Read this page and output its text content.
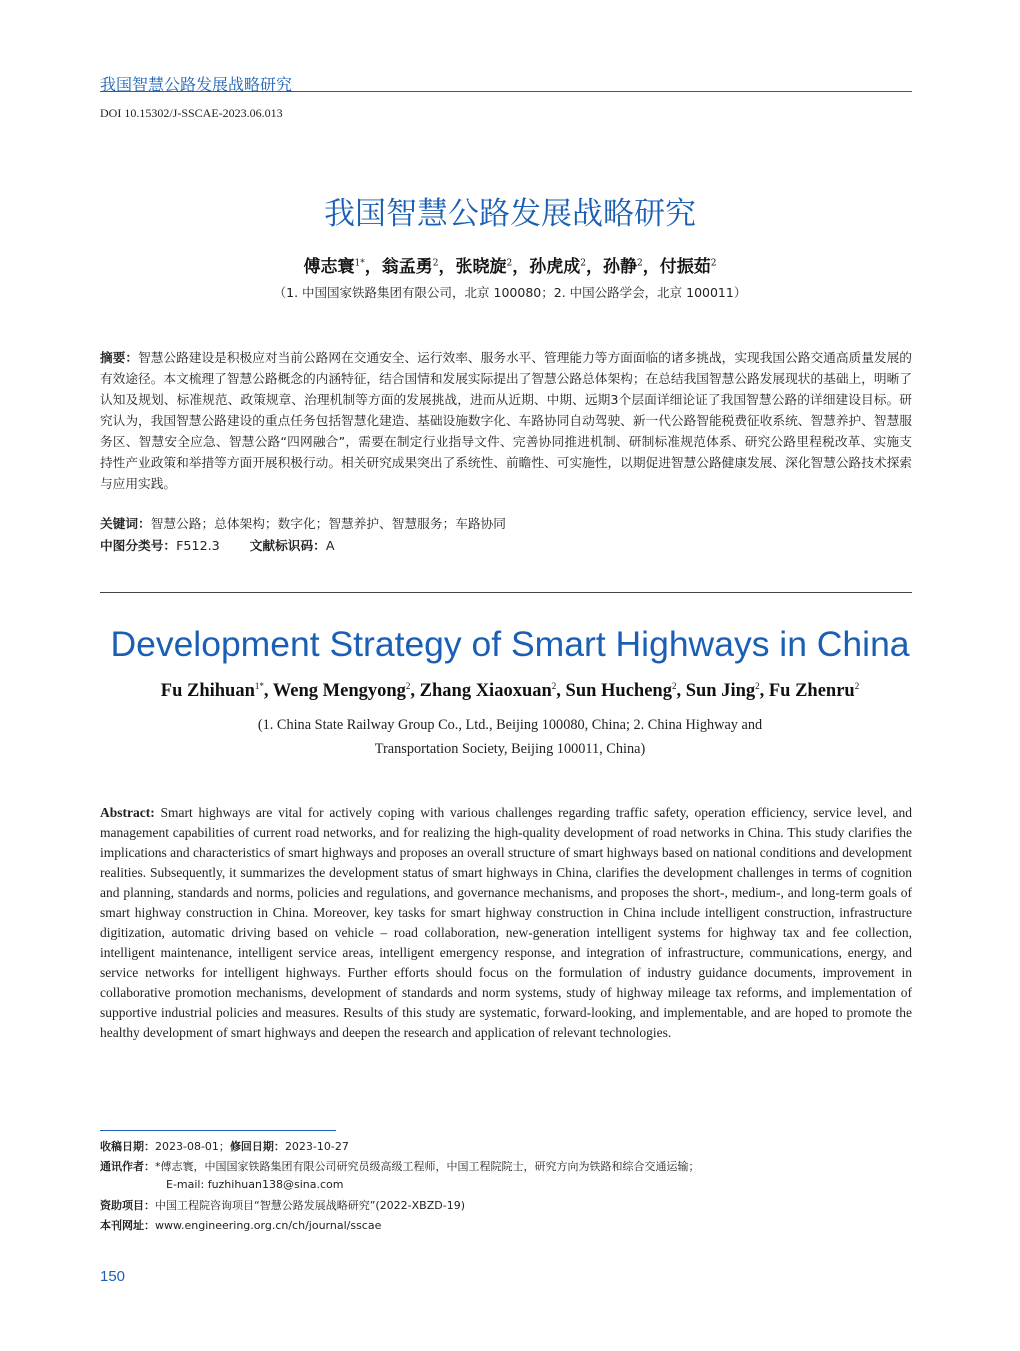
我国智慧公路发展战略研究
DOI 10.15302/J-SSCAE-2023.06.013
我国智慧公路发展战略研究
傅志寰$^{1*}$，翁孟勇$^2$，张晓旋$^2$，孙虎成$^2$，孙静$^2$，付振茹$^2$
（1. 中国国家铁路集团有限公司，北京 100080；2. 中国公路学会，北京 100011）
摘要：智慧公路建设是积极应对当前公路网在交通安全、运行效率、服务水平、管理能力等方面面临的诸多挑战，实现我国公路交通高质量发展的有效途径。本文梳理了智慧公路概念的内涵特征，结合国情和发展实际提出了智慧公路总体架构；在总结我国智慧公路发展现状的基础上，明晰了认知及规划、标准规范、政策规章、治理机制等方面的发展挑战，进而从近期、中期、远期3个层面详细论证了我国智慧公路的详细建设目标。研究认为，我国智慧公路建设的重点任务包括智慧化建造、基础设施数字化、车路协同自动驾驶、新一代公路智能税费征收系统、智慧养护、智慧服务区、智慧安全应急、智慧公路“四网融合”，需要在制定行业指导文件、完善协同推进机制、研制标准规范体系、研究公路里程税改革、实施支持性产业政策和举措等方面开展积极行动。相关研究成果突出了系统性、前瞻性、可实施性，以期促进智慧公路健康发展、深化智慧公路技术探索与应用实践。
关键词：智慧公路；总体架构；数字化；智慧养护、智慧服务；车路协同
中图分类号：F512.3 文献标识码：A
Development Strategy of Smart Highways in China
Fu Zhihuan$^{1*}$, Weng Mengyong$^2$, Zhang Xiaoxuan$^2$, Sun Hucheng$^2$, Sun Jing$^2$, Fu Zhenru$^2$
(1. China State Railway Group Co., Ltd., Beijing 100080, China; 2. China Highway and
Transportation Society, Beijing 100011, China)
Abstract: Smart highways are vital for actively coping with various challenges regarding traffic safety, operation efficiency, service level, and management capabilities of current road networks, and for realizing the high-quality development of road networks in China. This study clarifies the implications and characteristics of smart highways and proposes an overall structure of smart highways based on national conditions and development realities. Subsequently, it summarizes the development status of smart highways in China, clarifies the development challenges in terms of cognition and planning, standards and norms, policies and regulations, and governance mechanisms, and proposes the short-, medium-, and long-term goals of smart highway construction in China. Moreover, key tasks for smart highway construction in China include intelligent construction, infrastructure digitization, automatic driving based on vehicle – road collaboration, new-generation intelligent systems for highway tax and fee collection, intelligent maintenance, intelligent service areas, intelligent emergency response, and integration of infrastructure, communications, energy, and service networks for intelligent highways. Further efforts should focus on the formulation of industry guidance documents, improvement in collaborative promotion mechanisms, development of standards and norm systems, study of highway mileage tax reforms, and implementation of supportive industrial policies and measures. Results of this study are systematic, forward-looking, and implementable, and are hoped to promote the healthy development of smart highways and deepen the research and application of relevant technologies.
收稿日期：2023-08-01；修回日期：2023-10-27
通讯作者：*傅志寰，中国国家铁路集团有限公司研究员级高级工程师，中国工程院院士，研究方向为铁路和综合交通运输；
E-mail: fuzhihuan138@sina.com
资助项目：中国工程院咨询项目“智慧公路发展战略研究”(2022-XBZD-19)
本刊网址：www.engineering.org.cn/ch/journal/sscae
150
